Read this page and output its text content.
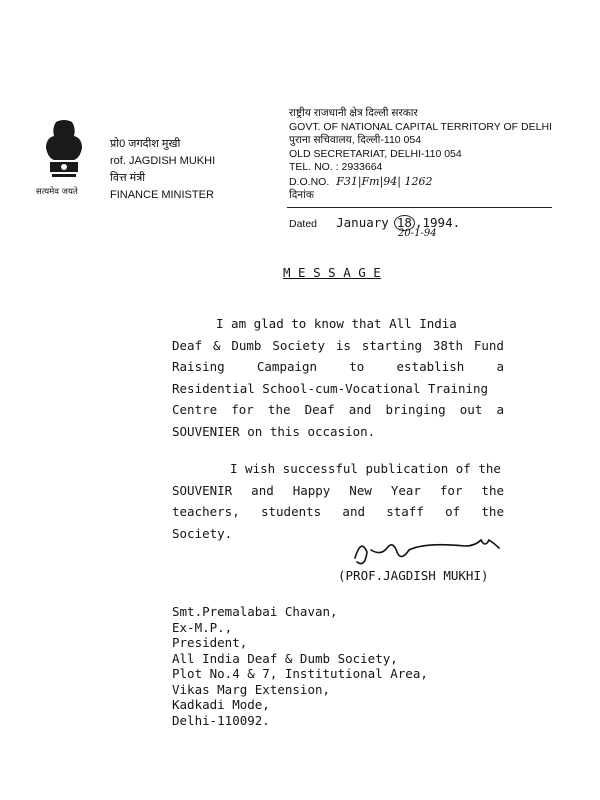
सत्यमेव जयते
प्रो0 जगदीश मुखी
rof. JAGDISH MUKHI
वित्त मंत्री
FINANCE MINISTER
राष्ट्रीय राजधानी क्षेत्र दिल्ली सरकार
GOVT. OF NATIONAL CAPITAL TERRITORY OF DELHI
पुराना सचिवालय, दिल्ली-110 054
OLD SECRETARIAT, DELHI-110 054
TEL. NO. : 2933664
D.O.NO. F31|Fm|94| 1262
दिनांक
Dated January 18 ,1994.
20-1-94
M E S S A G E

I am glad to know that All India

Deaf & Dumb Society is starting 38th Fund

Raising	Campaign	to	establish	a

Residential School-cum-Vocational Training

Centre for the Deaf and bringing out a

SOUVENIER on this occasion.

I wish successful publication of the

SOUVENIR and Happy New Year for the

teachers, students and staff of the

Society.

(PROF.JAGDISH MUKHI)
Smt.Premalabai Chavan,
Ex-M.P.,
President,
All India Deaf & Dumb Society,
Plot No.4 & 7, Institutional Area,
Vikas Marg Extension,
Kadkadi Mode,
Delhi-110092.
